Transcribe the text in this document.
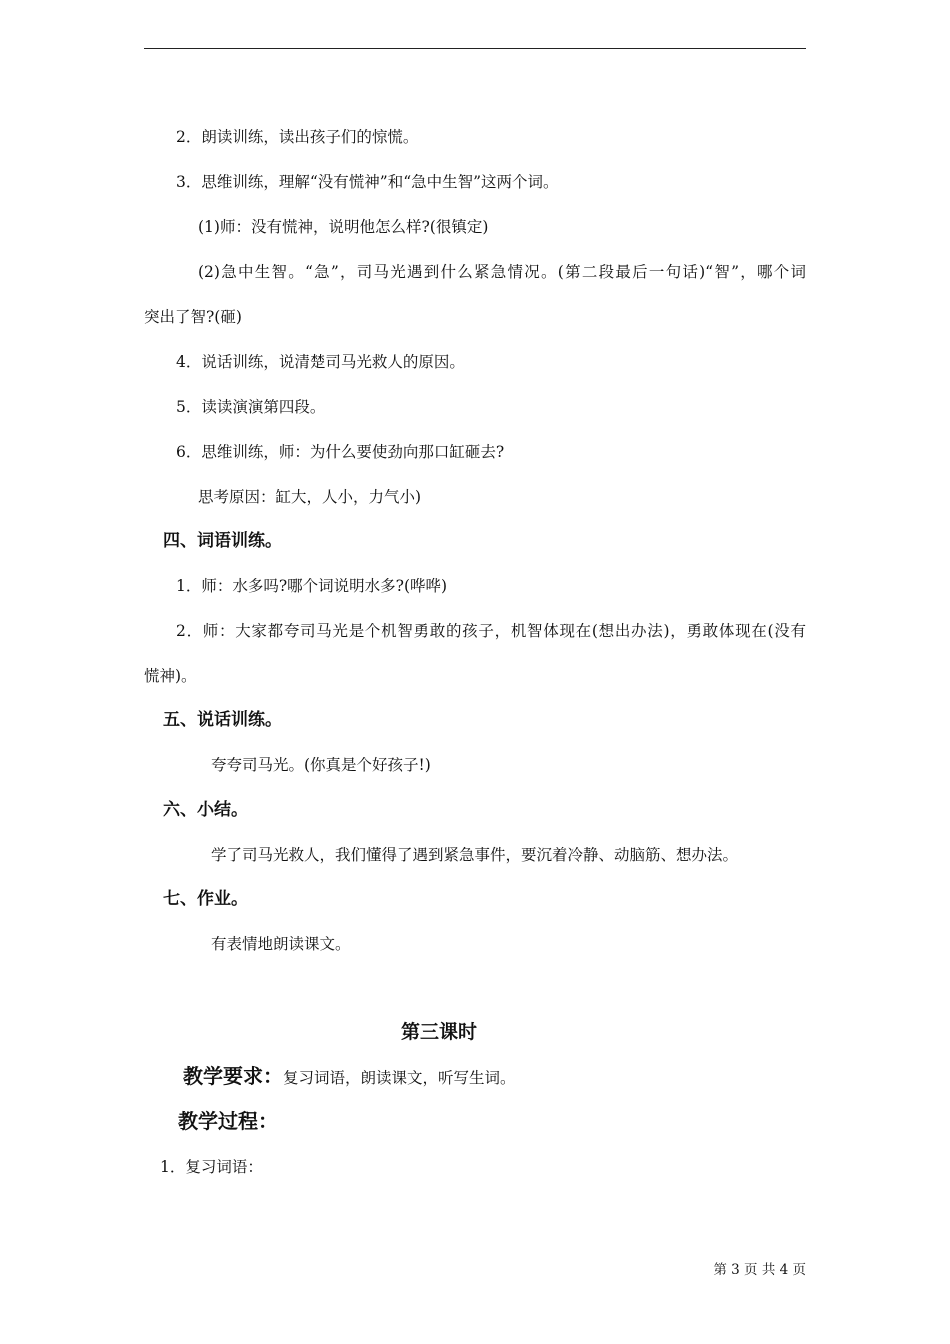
2．朗读训练，读出孩子们的惊慌。
3．思维训练，理解“没有慌神”和“急中生智”这两个词。
(1)师：没有慌神，说明他怎么样?(很镇定)
(2)急中生智。“急”，司马光遇到什么紧急情况。(第二段最后一句话)“智”，哪个词
突出了智?(砸)
4．说话训练，说清楚司马光救人的原因。
5．读读演演第四段。
6．思维训练，师：为什么要使劲向那口缸砸去?
思考原因：缸大，人小，力气小)
四、词语训练。
1．师：水多吗?哪个词说明水多?(哗哗)
2．师：大家都夸司马光是个机智勇敢的孩子，机智体现在(想出办法)，勇敢体现在(没有
慌神)。
五、说话训练。
夸夸司马光。(你真是个好孩子!)
六、小结。
学了司马光救人，我们懂得了遇到紧急事件，要沉着冷静、动脑筋、想办法。
七、作业。
有表情地朗读课文。
第三课时
教学要求：复习词语，朗读课文，听写生词。
教学过程：
1．复习词语：
第 3 页 共 4 页
